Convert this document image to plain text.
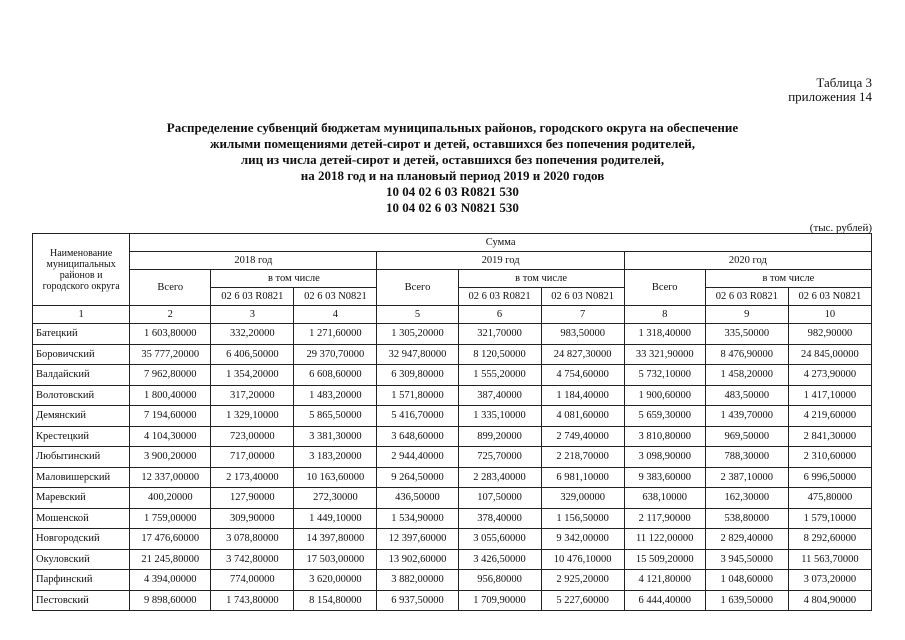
Таблица 3
приложения 14
Распределение субвенций бюджетам муниципальных районов, городского округа на обеспечение
жилыми помещениями детей-сирот и детей, оставшихся без попечения родителей,
лиц из числа детей-сирот и детей, оставшихся без попечения родителей,
на 2018 год и на плановый период 2019 и 2020 годов
10 04 02 6 03 R0821 530
10 04 02 6 03 N0821 530
(тыс. рублей)
Наименование муниципальных районов и городского округа	Сумма								
	2018 год			2019 год			2020 год		
	Всего	в том числе		Всего	в том числе		Всего	в том числе	
		02 6 03 R0821	02 6 03 N0821		02 6 03 R0821	02 6 03 N0821		02 6 03 R0821	02 6 03 N0821
1	2	3	4	5	6	7	8	9	10
Батецкий	1 603,80000	332,20000	1 271,60000	1 305,20000	321,70000	983,50000	1 318,40000	335,50000	982,90000
Боровичский	35 777,20000	6 406,50000	29 370,70000	32 947,80000	8 120,50000	24 827,30000	33 321,90000	8 476,90000	24 845,00000
Валдайский	7 962,80000	1 354,20000	6 608,60000	6 309,80000	1 555,20000	4 754,60000	5 732,10000	1 458,20000	4 273,90000
Волотовский	1 800,40000	317,20000	1 483,20000	1 571,80000	387,40000	1 184,40000	1 900,60000	483,50000	1 417,10000
Демянский	7 194,60000	1 329,10000	5 865,50000	5 416,70000	1 335,10000	4 081,60000	5 659,30000	1 439,70000	4 219,60000
Крестецкий	4 104,30000	723,00000	3 381,30000	3 648,60000	899,20000	2 749,40000	3 810,80000	969,50000	2 841,30000
Любытинский	3 900,20000	717,00000	3 183,20000	2 944,40000	725,70000	2 218,70000	3 098,90000	788,30000	2 310,60000
Маловишерский	12 337,00000	2 173,40000	10 163,60000	9 264,50000	2 283,40000	6 981,10000	9 383,60000	2 387,10000	6 996,50000
Маревский	400,20000	127,90000	272,30000	436,50000	107,50000	329,00000	638,10000	162,30000	475,80000
Мошенской	1 759,00000	309,90000	1 449,10000	1 534,90000	378,40000	1 156,50000	2 117,90000	538,80000	1 579,10000
Новгородский	17 476,60000	3 078,80000	14 397,80000	12 397,60000	3 055,60000	9 342,00000	11 122,00000	2 829,40000	8 292,60000
Окуловский	21 245,80000	3 742,80000	17 503,00000	13 902,60000	3 426,50000	10 476,10000	15 509,20000	3 945,50000	11 563,70000
Парфинский	4 394,00000	774,00000	3 620,00000	3 882,00000	956,80000	2 925,20000	4 121,80000	1 048,60000	3 073,20000
Пестовский	9 898,60000	1 743,80000	8 154,80000	6 937,50000	1 709,90000	5 227,60000	6 444,40000	1 639,50000	4 804,90000
